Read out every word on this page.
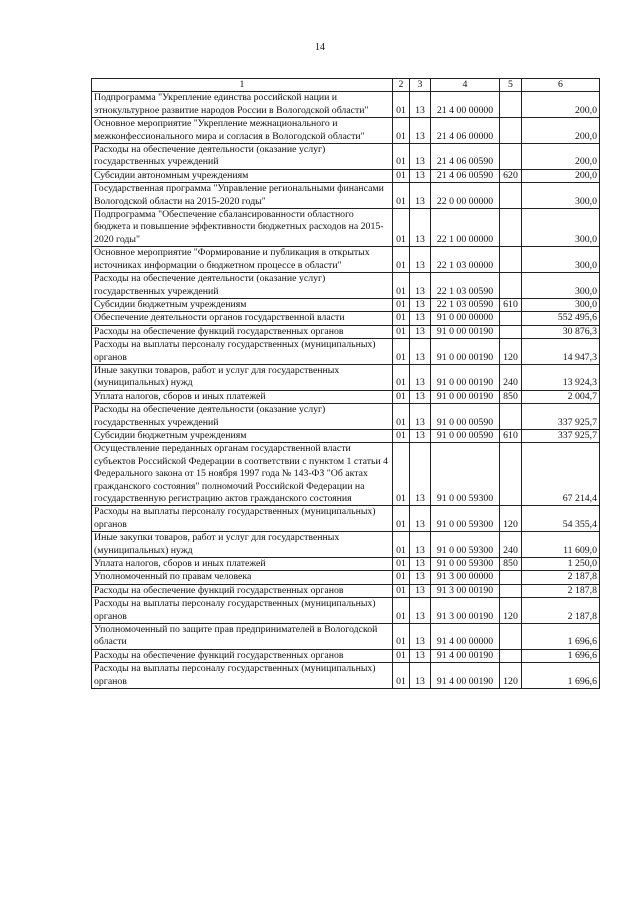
14
1	2	3	4	5	6
Подпрограмма "Укрепление единства российской нации и этнокультурное развитие народов России в Вологодской области"	01	13	21 4 00 00000		200,0
Основное мероприятие "Укрепление межнационального и межконфессионального мира и согласия в Вологодской области"	01	13	21 4 06 00000		200,0
Расходы на обеспечение деятельности (оказание услуг) государственных учреждений	01	13	21 4 06 00590		200,0
Субсидии автономным учреждениям	01	13	21 4 06 00590	620	200,0
Государственная программа "Управление региональными финансами Вологодской области на 2015-2020 годы"	01	13	22 0 00 00000		300,0
Подпрограмма "Обеспечение сбалансированности областного бюджета и повышение эффективности бюджетных расходов на 2015-2020 годы"	01	13	22 1 00 00000		300,0
Основное мероприятие "Формирование и публикация в открытых источниках информации о бюджетном процессе в области"	01	13	22 1 03 00000		300,0
Расходы на обеспечение деятельности (оказание услуг) государственных учреждений	01	13	22 1 03 00590		300,0
Субсидии бюджетным учреждениям	01	13	22 1 03 00590	610	300,0
Обеспечение деятельности органов государственной власти	01	13	91 0 00 00000		552 495,6
Расходы на обеспечение функций государственных органов	01	13	91 0 00 00190		30 876,3
Расходы на выплаты персоналу государственных (муниципальных) органов	01	13	91 0 00 00190	120	14 947,3
Иные закупки товаров, работ и услуг для государственных (муниципальных) нужд	01	13	91 0 00 00190	240	13 924,3
Уплата налогов, сборов и иных платежей	01	13	91 0 00 00190	850	2 004,7
Расходы на обеспечение деятельности (оказание услуг) государственных учреждений	01	13	91 0 00 00590		337 925,7
Субсидии бюджетным учреждениям	01	13	91 0 00 00590	610	337 925,7
Осуществление переданных органам государственной власти субъектов Российской Федерации в соответствии с пунктом 1 статьи 4 Федерального закона от 15 ноября 1997 года № 143-ФЗ "Об актах гражданского состояния" полномочий Российской Федерации на государственную регистрацию актов гражданского состояния	01	13	91 0 00 59300		67 214,4
Расходы на выплаты персоналу государственных (муниципальных) органов	01	13	91 0 00 59300	120	54 355,4
Иные закупки товаров, работ и услуг для государственных (муниципальных) нужд	01	13	91 0 00 59300	240	11 609,0
Уплата налогов, сборов и иных платежей	01	13	91 0 00 59300	850	1 250,0
Уполномоченный по правам человека	01	13	91 3 00 00000		2 187,8
Расходы на обеспечение функций государственных органов	01	13	91 3 00 00190		2 187,8
Расходы на выплаты персоналу государственных (муниципальных) органов	01	13	91 3 00 00190	120	2 187,8
Уполномоченный по защите прав предпринимателей в Вологодской области	01	13	91 4 00 00000		1 696,6
Расходы на обеспечение функций государственных органов	01	13	91 4 00 00190		1 696,6
Расходы на выплаты персоналу государственных (муниципальных) органов	01	13	91 4 00 00190	120	1 696,6
